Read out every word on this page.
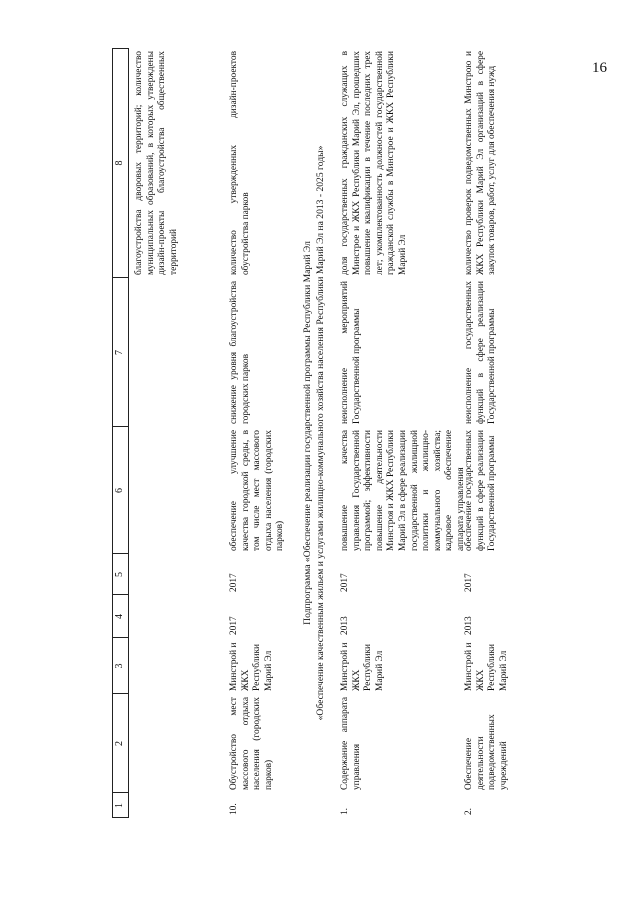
16
1
2
3
4
5
6
7
8 благоустройства дворовых территорий; количество муниципальных образований, в которых утверждены дизайн-проекты благоустройства общественных территорий
10.
Обустройство мест массового отдыха населения (городских парков)
Минстрой и ЖКХ Республики Марий Эл
2017
2017
обеспечение улучшение качества городской среды, в том числе мест массового отдыха населения (городских парков)
снижение уровня благоустройства городских парков
количество утвержденных дизайн-проектов обустройства парков
Подпрограмма «Обеспечение реализации государственной программы Республики Марий Эл «Обеспечение качественным жильем и услугами жилищно-коммунального хозяйства населения Республики Марий Эл на 2013 - 2025 годы»
1.
Содержание аппарата управления
Минстрой и ЖКХ Республики Марий Эл
2013
2017
повышение качества управления Государственной программой; эффективности повышение деятельности Минстроя и ЖКХ Республики Марий Эл в сфере реализации государственной жилищной политики и жилищно-коммунального хозяйства; кадровое обеспечение аппарата управления
неисполнение мероприятий Государственной программы
доля государственных гражданских служащих в Минстрое и ЖКХ Республики Марий Эл, прошедших повышение квалификации в течение последних трех лет; укомплектованность должностей государственной гражданской службы в Минстрое и ЖКХ Республики Марий Эл
2.
Обеспечение деятельности подведомственных учреждений
Минстрой и ЖКХ Республики Марий Эл
2013
2017
обеспечение государственных функций в сфере реализации Государственной программы
неисполнение государственных функций в сфере реализации Государственной программы
количество проверок подведомственных Минстрою и ЖКХ Республики Марий Эл организаций в сфере закупок товаров, работ, услуг для обеспечения нужд
